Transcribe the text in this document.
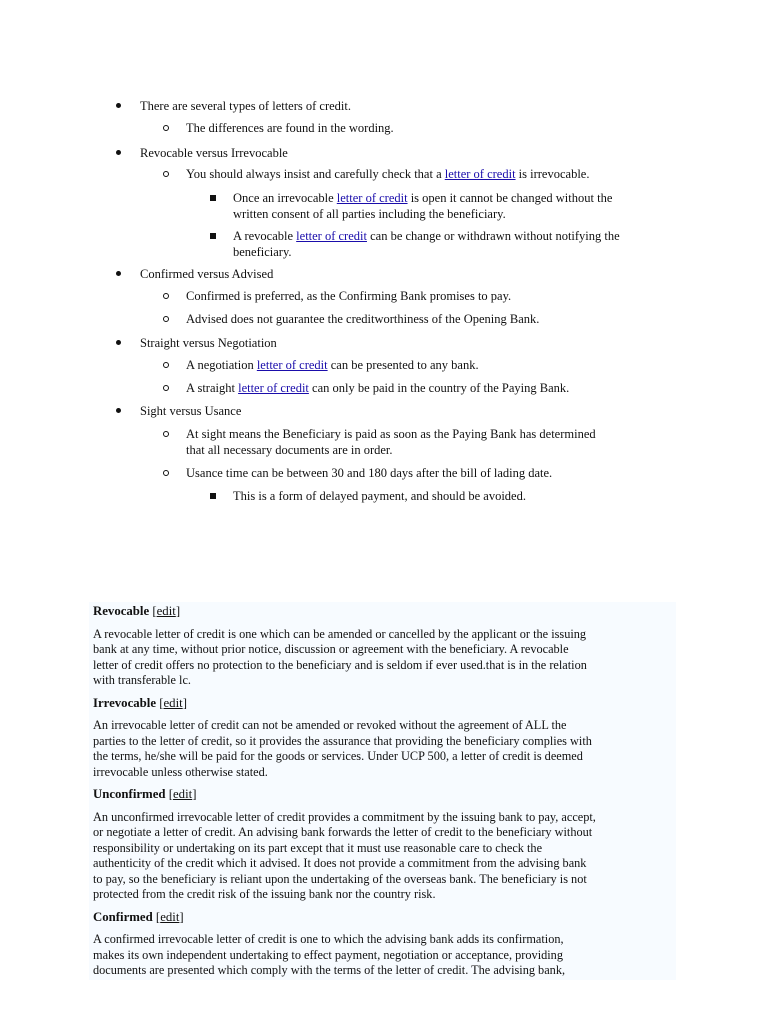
There are several types of letters of credit.
The differences are found in the wording.
Revocable versus Irrevocable
You should always insist and carefully check that a letter of credit is irrevocable.
Once an irrevocable letter of credit is open it cannot be changed without the
written consent of all parties including the beneficiary.
A revocable letter of credit can be change or withdrawn without notifying the
beneficiary.
Confirmed versus Advised
Confirmed is preferred, as the Confirming Bank promises to pay.
Advised does not guarantee the creditworthiness of the Opening Bank.
Straight versus Negotiation
A negotiation letter of credit can be presented to any bank.
A straight letter of credit can only be paid in the country of the Paying Bank.
Sight versus Usance
At sight means the Beneficiary is paid as soon as the Paying Bank has determined
that all necessary documents are in order.
Usance time can be between 30 and 180 days after the bill of lading date.
This is a form of delayed payment, and should be avoided.
Revocable [edit]
A revocable letter of credit is one which can be amended or cancelled by the applicant or the issuing
bank at any time, without prior notice, discussion or agreement with the beneficiary. A revocable
letter of credit offers no protection to the beneficiary and is seldom if ever used.that is in the relation
with transferable lc.
Irrevocable [edit]
An irrevocable letter of credit can not be amended or revoked without the agreement of ALL the
parties to the letter of credit, so it provides the assurance that providing the beneficiary complies with
the terms, he/she will be paid for the goods or services. Under UCP 500, a letter of credit is deemed
irrevocable unless otherwise stated.
Unconfirmed [edit]
An unconfirmed irrevocable letter of credit provides a commitment by the issuing bank to pay, accept,
or negotiate a letter of credit. An advising bank forwards the letter of credit to the beneficiary without
responsibility or undertaking on its part except that it must use reasonable care to check the
authenticity of the credit which it advised. It does not provide a commitment from the advising bank
to pay, so the beneficiary is reliant upon the undertaking of the overseas bank. The beneficiary is not
protected from the credit risk of the issuing bank nor the country risk.
Confirmed [edit]
A confirmed irrevocable letter of credit is one to which the advising bank adds its confirmation,
makes its own independent undertaking to effect payment, negotiation or acceptance, providing
documents are presented which comply with the terms of the letter of credit. The advising bank,
